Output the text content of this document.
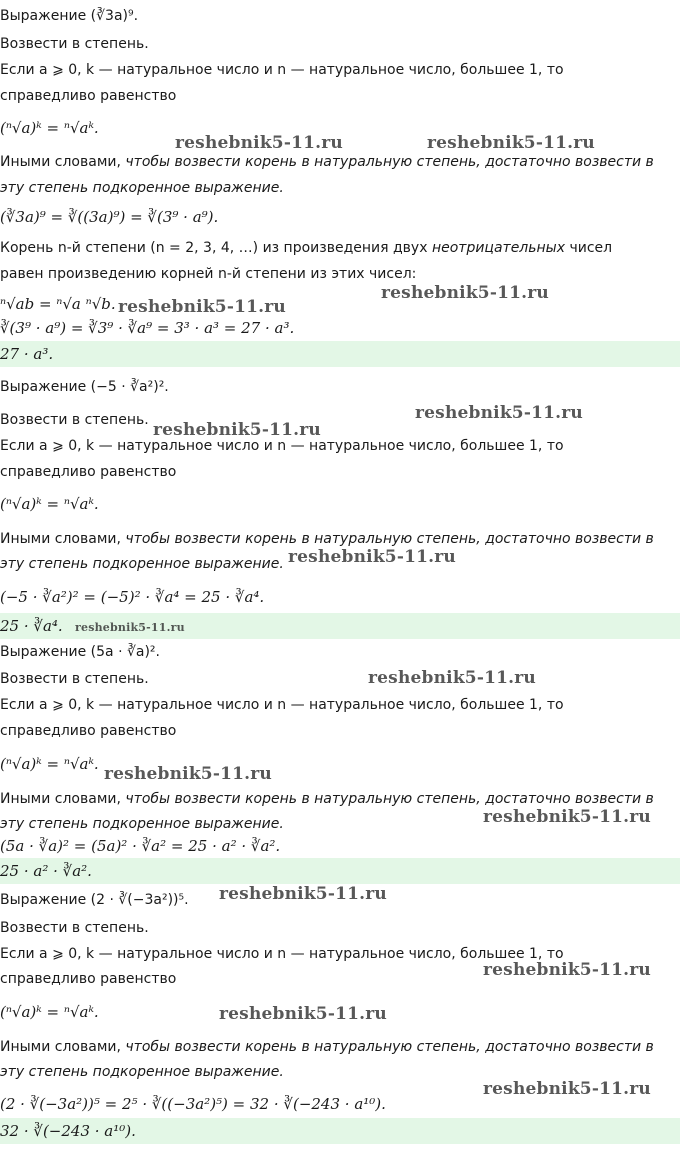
Выражение (∛3a)⁹.
Возвести в степень.
Если a ⩾ 0, k — натуральное число и n — натуральное число, большее 1, то
справедливо равенство
(ⁿ√a)ᵏ = ⁿ√aᵏ.
Иными словами, чтобы возвести корень в натуральную степень, достаточно возвести в
эту степень подкоренное выражение.
(∛3a)⁹ = ∛((3a)⁹) = ∛(3⁹ · a⁹).
Корень n-й степени (n = 2, 3, 4, …) из произведения двух неотрицательных чисел
равен произведению корней n-й степени из этих чисел:
ⁿ√ab = ⁿ√a ⁿ√b.
∛(3⁹ · a⁹) = ∛3⁹ · ∛a⁹ = 3³ · a³ = 27 · a³.
27 · a³.
Выражение (−5 · ∛a²)².
Возвести в степень.
Если a ⩾ 0, k — натуральное число и n — натуральное число, большее 1, то
справедливо равенство
(ⁿ√a)ᵏ = ⁿ√aᵏ.
Иными словами, чтобы возвести корень в натуральную степень, достаточно возвести в
эту степень подкоренное выражение.
(−5 · ∛a²)² = (−5)² · ∛a⁴ = 25 · ∛a⁴.
25 · ∛a⁴.
Выражение (5a · ∛a)².
Возвести в степень.
Если a ⩾ 0, k — натуральное число и n — натуральное число, большее 1, то
справедливо равенство
(ⁿ√a)ᵏ = ⁿ√aᵏ.
Иными словами, чтобы возвести корень в натуральную степень, достаточно возвести в
эту степень подкоренное выражение.
(5a · ∛a)² = (5a)² · ∛a² = 25 · a² · ∛a².
25 · a² · ∛a².
Выражение (2 · ∛(−3a²))⁵.
Возвести в степень.
Если a ⩾ 0, k — натуральное число и n — натуральное число, большее 1, то
справедливо равенство
(ⁿ√a)ᵏ = ⁿ√aᵏ.
Иными словами, чтобы возвести корень в натуральную степень, достаточно возвести в
эту степень подкоренное выражение.
(2 · ∛(−3a²))⁵ = 2⁵ · ∛((−3a²)⁵) = 32 · ∛(−243 · a¹⁰).
32 · ∛(−243 · a¹⁰).
reshebnik5-11.ru	reshebnik5-11.ru
reshebnik5-11.ru
reshebnik5-11.ru
reshebnik5-11.ru
reshebnik5-11.ru
reshebnik5-11.ru
reshebnik5-11.ru
reshebnik5-11.ru
reshebnik5-11.ru
reshebnik5-11.ru
reshebnik5-11.ru
reshebnik5-11.ru
reshebnik5-11.ru
reshebnik5-11.ru
